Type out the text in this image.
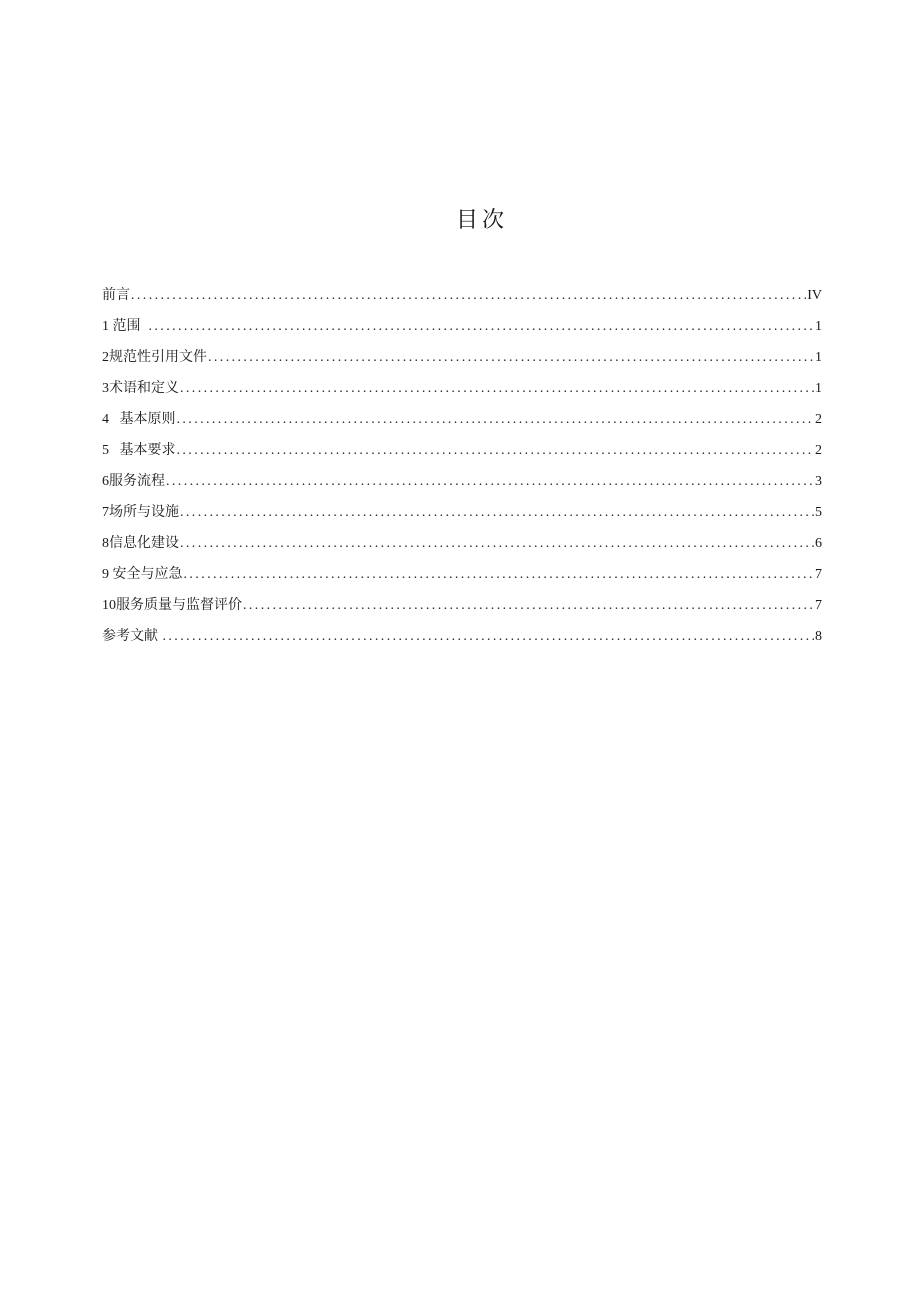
目次
前言 .....	IV
1 范围 .....	1
2规范性引用文件 .....	1
3术语和定义 .....	1
4   基本原则 .....	2
5   基本要求 .....	2
6服务流程 .....	3
7场所与设施 .....	5
8信息化建设 .....	6
9 安全与应急 .....	7
10服务质量与监督评价 .....	7
参考文献 .....	8
